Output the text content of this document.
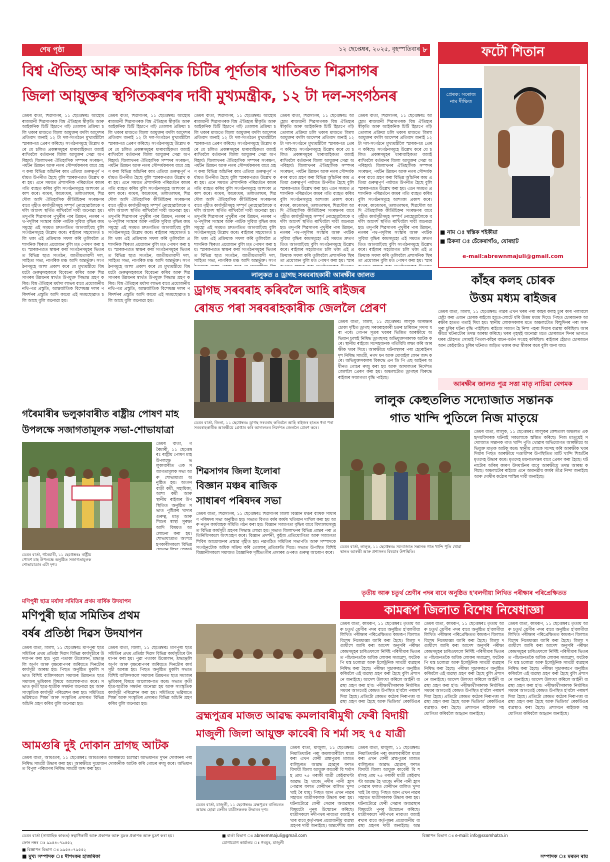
শেষ পৃষ্ঠা	১২ ছেপ্তেম্বৰ, ২০২৫, বৃহস্পতিবাৰ ৮
বিশ্ব ঐতিহ্য আৰু আইকনিক চিটিৰ পূৰ্ণতাৰ খাতিৰত শিৱসাগৰ
জিলা আয়ুক্তৰ স্থগিতকৰণৰ দাবী মুখ্যমন্ত্ৰীক, ১২ টা দল-সংগঠনৰ
ডেমৰ বাৰ্তা, শিৱসাগৰ, ১১ ছেপ্তেম্বৰঃ আহোম ৰাজধানী শিৱসাগৰক বিশ্ব ঐতিহ্যৰ স্বীকৃতি আৰু আইকনিক চিটি হিচাপে গঢ়ি তোলাৰ প্ৰক্ৰিয়া চলি থকাৰ মাজতে জিলা আয়ুক্তৰ বদলি আদেশৰ প্ৰতিবাদ জনাই ১২ টা দল-সংগঠনে মুখ্যমন্ত্ৰীলৈ স্মাৰকপত্ৰ প্ৰেৰণ কৰিছে। সংগঠনসমূহে উল্লেখ কৰে যে চলিত প্ৰকল্পসমূহৰ ধাৰাবাহিকতা বজাই ৰাখিবলৈ বৰ্তমানৰ জিলা আয়ুক্তৰ সেৱা অপৰিহাৰ্য। জিলাখনৰ ঐতিহাসিক সম্পদৰ সংৰক্ষণ, পৰ্যটন উন্নয়ন আৰু নগৰ সৌন্দৰ্যকৰণৰ বাবে গ্ৰহণ কৰা বিভিন্ন আঁচনিৰ কাম এতিয়া গুৰুত্বপূৰ্ণ পৰ্যায়ত উপনীত হৈছে বুলি স্মাৰকপত্ৰত উল্লেখ কৰা হয়। এনে সময়ত প্ৰশাসনিক পৰিৱৰ্তনে কামৰ গতি ব্যাহত কৰিব বুলি সংগঠনসমূহে আশংকা প্ৰকাশ কৰে। ৰংঘৰ, কাৰেংঘৰ, তলাতলঘৰ, শিৱদৌল আদি ঐতিহাসিক কীৰ্তিচিহ্নৰ সংৰক্ষণৰ বাবে গৃহীত কাৰ্যসূচীসমূহ সম্পূৰ্ণ নোহোৱালৈকে বদলি আদেশ স্থগিত ৰাখিবলৈ দাবী জনোৱা হয়। তদুপৰি শিৱসাগৰ পুখুৰীৰ পাৰ উন্নয়ন, নগৰৰ পথ-পদূলিৰ সংস্কাৰ আৰু পৰ্যটক সুবিধা বৃদ্ধিৰ কামসমূহো এই সময়ত দ্ৰুতগতিত আগবাঢ়িছে বুলি সংগঠনসমূহে উল্লেখ কৰে। ৰাইজৰ সহযোগত চলি থকা এই প্ৰক্ৰিয়াক সফল কৰি তুলিবলৈ প্ৰশাসনিক স্থিৰতা প্ৰয়োজন বুলি মত পোষণ কৰা হয়। স্মাৰকপত্ৰত স্বাক্ষৰ কৰা সংগঠনসমূহৰ ভিতৰত বিভিন্ন ছাত্ৰ সংগঠন, জাতীয়তাবাদী দল, সাহিত্য সভা, নাগৰিক মঞ্চ আদি অন্তৰ্ভুক্ত। সংগঠনসমূহে আশা প্ৰকাশ কৰে যে মুখ্যমন্ত্ৰীয়ে বিষয়টো গুৰুত্বসহকাৰে বিবেচনা কৰিব আৰু শিৱসাগৰৰ উন্নয়নৰ স্বাৰ্থত উপযুক্ত সিদ্ধান্ত গ্ৰহণ কৰিব। বিশ্ব ঐতিহ্যৰ মৰ্যাদা লাভৰ বাবে প্ৰয়োজনীয় নথি-পত্ৰ প্ৰস্তুতি, আন্তৰ্জাতিক বিশেষজ্ঞ দলৰ পৰিদৰ্শনৰ প্ৰস্তুতি আদি কামো এই সময়ছোৱাত চলি আছে বুলি জনোৱা হয়।
ডেমৰ বাৰ্তা, শিৱসাগৰ, ১১ ছেপ্তেম্বৰঃ আহোম ৰাজধানী শিৱসাগৰক বিশ্ব ঐতিহ্যৰ স্বীকৃতি আৰু আইকনিক চিটি হিচাপে গঢ়ি তোলাৰ প্ৰক্ৰিয়া চলি থকাৰ মাজতে জিলা আয়ুক্তৰ বদলি আদেশৰ প্ৰতিবাদ জনাই ১২ টা দল-সংগঠনে মুখ্যমন্ত্ৰীলৈ স্মাৰকপত্ৰ প্ৰেৰণ কৰিছে। সংগঠনসমূহে উল্লেখ কৰে যে চলিত প্ৰকল্পসমূহৰ ধাৰাবাহিকতা বজাই ৰাখিবলৈ বৰ্তমানৰ জিলা আয়ুক্তৰ সেৱা অপৰিহাৰ্য। জিলাখনৰ ঐতিহাসিক সম্পদৰ সংৰক্ষণ, পৰ্যটন উন্নয়ন আৰু নগৰ সৌন্দৰ্যকৰণৰ বাবে গ্ৰহণ কৰা বিভিন্ন আঁচনিৰ কাম এতিয়া গুৰুত্বপূৰ্ণ পৰ্যায়ত উপনীত হৈছে বুলি স্মাৰকপত্ৰত উল্লেখ কৰা হয়। এনে সময়ত প্ৰশাসনিক পৰিৱৰ্তনে কামৰ গতি ব্যাহত কৰিব বুলি সংগঠনসমূহে আশংকা প্ৰকাশ কৰে। ৰংঘৰ, কাৰেংঘৰ, তলাতলঘৰ, শিৱদৌল আদি ঐতিহাসিক কীৰ্তিচিহ্নৰ সংৰক্ষণৰ বাবে গৃহীত কাৰ্যসূচীসমূহ সম্পূৰ্ণ নোহোৱালৈকে বদলি আদেশ স্থগিত ৰাখিবলৈ দাবী জনোৱা হয়। তদুপৰি শিৱসাগৰ পুখুৰীৰ পাৰ উন্নয়ন, নগৰৰ পথ-পদূলিৰ সংস্কাৰ আৰু পৰ্যটক সুবিধা বৃদ্ধিৰ কামসমূহো এই সময়ত দ্ৰুতগতিত আগবাঢ়িছে বুলি সংগঠনসমূহে উল্লেখ কৰে। ৰাইজৰ সহযোগত চলি থকা এই প্ৰক্ৰিয়াক সফল কৰি তুলিবলৈ প্ৰশাসনিক স্থিৰতা প্ৰয়োজন বুলি মত পোষণ কৰা হয়। স্মাৰকপত্ৰত স্বাক্ষৰ কৰা সংগঠনসমূহৰ ভিতৰত বিভিন্ন ছাত্ৰ সংগঠন, জাতীয়তাবাদী দল, সাহিত্য সভা, নাগৰিক মঞ্চ আদি অন্তৰ্ভুক্ত। সংগঠনসমূহে আশা প্ৰকাশ কৰে যে মুখ্যমন্ত্ৰীয়ে বিষয়টো গুৰুত্বসহকাৰে বিবেচনা কৰিব আৰু শিৱসাগৰৰ উন্নয়নৰ স্বাৰ্থত উপযুক্ত সিদ্ধান্ত গ্ৰহণ কৰিব। বিশ্ব ঐতিহ্যৰ মৰ্যাদা লাভৰ বাবে প্ৰয়োজনীয় নথি-পত্ৰ প্ৰস্তুতি, আন্তৰ্জাতিক বিশেষজ্ঞ দলৰ পৰিদৰ্শনৰ প্ৰস্তুতি আদি কামো এই সময়ছোৱাত চলি আছে বুলি জনোৱা হয়।
ডেমৰ বাৰ্তা, শিৱসাগৰ, ১১ ছেপ্তেম্বৰঃ আহোম ৰাজধানী শিৱসাগৰক বিশ্ব ঐতিহ্যৰ স্বীকৃতি আৰু আইকনিক চিটি হিচাপে গঢ়ি তোলাৰ প্ৰক্ৰিয়া চলি থকাৰ মাজতে জিলা আয়ুক্তৰ বদলি আদেশৰ প্ৰতিবাদ জনাই ১২ টা দল-সংগঠনে মুখ্যমন্ত্ৰীলৈ স্মাৰকপত্ৰ প্ৰেৰণ কৰিছে। সংগঠনসমূহে উল্লেখ কৰে যে চলিত প্ৰকল্পসমূহৰ ধাৰাবাহিকতা বজাই ৰাখিবলৈ বৰ্তমানৰ জিলা আয়ুক্তৰ সেৱা অপৰিহাৰ্য। জিলাখনৰ ঐতিহাসিক সম্পদৰ সংৰক্ষণ, পৰ্যটন উন্নয়ন আৰু নগৰ সৌন্দৰ্যকৰণৰ বাবে গ্ৰহণ কৰা বিভিন্ন আঁচনিৰ কাম এতিয়া গুৰুত্বপূৰ্ণ পৰ্যায়ত উপনীত হৈছে বুলি স্মাৰকপত্ৰত উল্লেখ কৰা হয়। এনে সময়ত প্ৰশাসনিক পৰিৱৰ্তনে কামৰ গতি ব্যাহত কৰিব বুলি সংগঠনসমূহে আশংকা প্ৰকাশ কৰে। ৰংঘৰ, কাৰেংঘৰ, তলাতলঘৰ, শিৱদৌল আদি ঐতিহাসিক কীৰ্তিচিহ্নৰ সংৰক্ষণৰ বাবে গৃহীত কাৰ্যসূচীসমূহ সম্পূৰ্ণ নোহোৱালৈকে বদলি আদেশ স্থগিত ৰাখিবলৈ দাবী জনোৱা হয়। তদুপৰি শিৱসাগৰ পুখুৰীৰ পাৰ উন্নয়ন, নগৰৰ পথ-পদূলিৰ সংস্কাৰ আৰু পৰ্যটক সুবিধা বৃদ্ধিৰ কামসমূহো এই সময়ত দ্ৰুতগতিত আগবাঢ়িছে বুলি সংগঠনসমূহে উল্লেখ কৰে। ৰাইজৰ সহযোগত চলি থকা এই প্ৰক্ৰিয়াক সফল কৰি তুলিবলৈ প্ৰশাসনিক স্থিৰতা প্ৰয়োজন বুলি মত পোষণ কৰা হয়। স্মাৰকপত্ৰত স্বাক্ষৰ কৰা সংগঠনসমূহৰ ভিতৰত বিভিন্ন ছাত্ৰ সংগঠন, জাতীয়তাবাদী দল, সাহিত্য সভা, নাগৰিক মঞ্চ আদি অন্তৰ্ভুক্ত। সংগ
ডেমৰ বাৰ্তা, শিৱসাগৰ, ১১ ছেপ্তেম্বৰঃ আহোম ৰাজধানী শিৱসাগৰক বিশ্ব ঐতিহ্যৰ স্বীকৃতি আৰু আইকনিক চিটি হিচাপে গঢ়ি তোলাৰ প্ৰক্ৰিয়া চলি থকাৰ মাজতে জিলা আয়ুক্তৰ বদলি আদেশৰ প্ৰতিবাদ জনাই ১২ টা দল-সংগঠনে মুখ্যমন্ত্ৰীলৈ স্মাৰকপত্ৰ প্ৰেৰণ কৰিছে। সংগঠনসমূহে উল্লেখ কৰে যে চলিত প্ৰকল্পসমূহৰ ধাৰাবাহিকতা বজাই ৰাখিবলৈ বৰ্তমানৰ জিলা আয়ুক্তৰ সেৱা অপৰিহাৰ্য। জিলাখনৰ ঐতিহাসিক সম্পদৰ সংৰক্ষণ, পৰ্যটন উন্নয়ন আৰু নগৰ সৌন্দৰ্যকৰণৰ বাবে গ্ৰহণ কৰা বিভিন্ন আঁচনিৰ কাম এতিয়া গুৰুত্বপূৰ্ণ পৰ্যায়ত উপনীত হৈছে বুলি স্মাৰকপত্ৰত উল্লেখ কৰা হয়। এনে সময়ত প্ৰশাসনিক পৰিৱৰ্তনে কামৰ গতি ব্যাহত কৰিব বুলি সংগঠনসমূহে আশংকা প্ৰকাশ কৰে। ৰংঘৰ, কাৰেংঘৰ, তলাতলঘৰ, শিৱদৌল আদি ঐতিহাসিক কীৰ্তিচিহ্নৰ সংৰক্ষণৰ বাবে গৃহীত কাৰ্যসূচীসমূহ সম্পূৰ্ণ নোহোৱালৈকে বদলি আদেশ স্থগিত ৰাখিবলৈ দাবী জনোৱা হয়। তদুপৰি শিৱসাগৰ পুখুৰীৰ পাৰ উন্নয়ন, নগৰৰ পথ-পদূলিৰ সংস্কাৰ আৰু পৰ্যটক সুবিধা বৃদ্ধিৰ কামসমূহো এই সময়ত দ্ৰুতগতিত আগবাঢ়িছে বুলি সংগঠনসমূহে উল্লেখ কৰে। ৰাইজৰ সহযোগত চলি থকা এই প্ৰক্ৰিয়াক সফল কৰি তুলিবলৈ প্ৰশাসনিক স্থিৰতা প্ৰয়োজন বুলি মত পোষণ কৰা হয়। স্মাৰ
ডেমৰ বাৰ্তা, শিৱসাগৰ, ১১ ছেপ্তেম্বৰঃ আহোম ৰাজধানী শিৱসাগৰক বিশ্ব ঐতিহ্যৰ স্বীকৃতি আৰু আইকনিক চিটি হিচাপে গঢ়ি তোলাৰ প্ৰক্ৰিয়া চলি থকাৰ মাজতে জিলা আয়ুক্তৰ বদলি আদেশৰ প্ৰতিবাদ জনাই ১২ টা দল-সংগঠনে মুখ্যমন্ত্ৰীলৈ স্মাৰকপত্ৰ প্ৰেৰণ কৰিছে। সংগঠনসমূহে উল্লেখ কৰে যে চলিত প্ৰকল্পসমূহৰ ধাৰাবাহিকতা বজাই ৰাখিবলৈ বৰ্তমানৰ জিলা আয়ুক্তৰ সেৱা অপৰিহাৰ্য। জিলাখনৰ ঐতিহাসিক সম্পদৰ সংৰক্ষণ, পৰ্যটন উন্নয়ন আৰু নগৰ সৌন্দৰ্যকৰণৰ বাবে গ্ৰহণ কৰা বিভিন্ন আঁচনিৰ কাম এতিয়া গুৰুত্বপূৰ্ণ পৰ্যায়ত উপনীত হৈছে বুলি স্মাৰকপত্ৰত উল্লেখ কৰা হয়। এনে সময়ত প্ৰশাসনিক পৰিৱৰ্তনে কামৰ গতি ব্যাহত কৰিব বুলি সংগঠনসমূহে আশংকা প্ৰকাশ কৰে। ৰংঘৰ, কাৰেংঘৰ, তলাতলঘৰ, শিৱদৌল আদি ঐতিহাসিক কীৰ্তিচিহ্নৰ সংৰক্ষণৰ বাবে গৃহীত কাৰ্যসূচীসমূহ সম্পূৰ্ণ নোহোৱালৈকে বদলি আদেশ স্থগিত ৰাখিবলৈ দাবী জনোৱা হয়। তদুপৰি শিৱসাগৰ পুখুৰীৰ পাৰ উন্নয়ন, নগৰৰ পথ-পদূলিৰ সংস্কাৰ আৰু পৰ্যটক সুবিধা বৃদ্ধিৰ কামসমূহো এই সময়ত দ্ৰুতগতিত আগবাঢ়িছে বুলি সংগঠনসমূহে উল্লেখ কৰে। ৰাইজৰ সহযোগত চলি থকা এই প্ৰক্ৰিয়াক সফল কৰি তুলিবলৈ প্ৰশাসনিক স্থিৰতা প্ৰয়োজন বুলি মত পোষণ কৰা হয়। স্মাৰ
ফটো শিতান
প্ৰেৰক: সৰোজ
নাম দীক্ষিত
■ নাম ঃ স্বস্তিক শইকীয়া
■ ঠিকনা ঃ চেঁকেৰাগাঁও, যোৰহাট
e-mail:abrewnmajuli@gmail.com
কাঁহৰ কলহ চোৰক
উত্তম মধ্যম ৰাইজৰ
ডেমৰ বাৰ্তা, জিলা, ১১ ছেপ্তেম্বৰঃ গাঁৱৰ এখন ঘৰৰ পৰা কাঁহৰ কলহ চুৰি কৰি পলাবলৈ চেষ্টা কৰা এজন চোৰক ৰাইজে হাতে-লোটে ধৰি উত্তম মধ্যম দিয়ে। পিছত চোৰজনক আৰক্ষীৰ হাতত গতাই দিয়া হয়। স্থানীয় লোকসকলৰ মতে অঞ্চলটোত কিছুদিনৰ পৰা সৰু-সুৰা চুৰিৰ ঘটনা বৃদ্ধি পাইছিল। ৰাইজে সজাগ হৈ নিশা পহৰা দিয়াৰ ব্যৱস্থা কৰিছিল। আৰক্ষীয়ে ঘটনাটোৰ তদন্ত আৰম্ভ কৰিছে। ঘৰৰ গৃহস্থই জনোৱা মতে চোৰজনে দিনৰ ভাগতে ঘৰৰ চৌহদত সোমাই পিতল-কাঁহৰ বাচন-বৰ্তন সংগ্ৰহ কৰিছিল। ৰাইজৰ হেঁচাত চোৰজনে আন কেইবাটাও চুৰিৰ ঘটনাত জড়িত থকাৰ কথা স্বীকাৰ কৰে বুলি জনা যায়।
লালুকত ৪ ড্ৰাগছ সৰবৰাহকাৰী আৰক্ষীৰ জালত
ড্ৰাগছ সৰবৰাহ কৰিবলৈ আহি ৰাইজৰ
ৰোষত পৰা সৰবৰাহকাৰীক জেললৈ প্ৰেৰণ
ডেমৰ বাৰ্তা, জিলা, ১১ ছেপ্তেম্বৰঃ লালুক আৰক্ষীৰ চোকা দৃষ্টিত ড্ৰাগছ সৰবৰাহকাৰী চক্ৰৰ চাৰিজন সদস্য ধৰা পৰে। গোপন সূত্ৰৰ খবৰৰ ভিত্তিত আৰক্ষীয়ে অভিযান চলাই নিষিদ্ধ ড্ৰাগছসহ অভিযুক্তসকলক আটক কৰে। স্থানীয় ৰাইজে সন্দেহজনক গতিবিধি লক্ষ্য কৰি আৰক্ষীক খবৰ দিয়ে। আৰক্ষীয়ে ঘটনাস্থলৰ পৰা হেৰোইনসদৃশ নিষিদ্ধ সামগ্ৰী, নগদ ধন আৰু মোবাইল ফোন জব্দ কৰে। অভিযুক্তসকলৰ বিৰুদ্ধে এন ডি পি এছ আইনৰ অধীনত গোচৰ ৰুজু কৰা হয় আৰু আদালতৰ নিৰ্দেশত জেললৈ প্ৰেৰণ কৰা হয়। অঞ্চলটোত ড্ৰাগছৰ বিৰুদ্ধে ৰাইজৰ সজাগতা বৃদ্ধি পাইছে।
ডেমৰ বাৰ্তা, জিলা, ১১ ছেপ্তেম্বৰঃ ড্ৰাগছ সৰবৰাহ কৰিবলৈ আহি ৰাইজৰ হাতত ধৰা পৰা সৰবৰাহকাৰীক আৰক্ষীয়ে গ্ৰেপ্তাৰ কৰি আদালতৰ নিৰ্দেশত জেললৈ প্ৰেৰণ কৰে।
আৰক্ষীৰ জালত পুত্ৰ সত্তা মাতৃ নাচিয়া বেগমক
লালুক কেহুতলিত সদ্যোজাত সন্তানক
গাত খান্দি পুতিলে নিজ মাতৃয়ে
ডেমৰ বাৰ্তা, লালুক, ১১ ছেপ্তেম্বৰঃ লালুকৰ কেহুতলি অঞ্চলত এক হৃদয়বিদাৰক ঘটনাই সকলোকে স্তম্ভিত কৰিছে। নিজ মাতৃয়েই সদ্যোজাত সন্তানক গাত খান্দি পুতি থোৱাৰ অভিযোগত আৰক্ষীয়ে অভিযুক্ত মাতৃক আটক কৰে। স্থানীয় লোকে সন্দেহ কৰি আৰক্ষীক খবৰ দিয়াৰ পিছত আৰক্ষীয়ে দণ্ডাধীশৰ উপস্থিতিত মাটি খান্দি শিশুটিৰ মৃতদেহ উদ্ধাৰ কৰে। মৃতদেহ ময়নাতদন্তৰ বাবে প্ৰেৰণ কৰা হৈছে। ঘটনাটোৰ আঁৰৰ কাৰণ উদঘাটনৰ বাবে আৰক্ষীয়ে তদন্ত আৰম্ভ কৰিছে। অঞ্চলটোৰ ৰাইজে এনে অমানৱীয় কাৰ্যৰ তীব্ৰ নিন্দা জনাইছে আৰু দোষীৰ কঠোৰ শাস্তিৰ দাবী জনাইছে।
ডেমৰ বাৰ্তা, লালুক, ১১ ছেপ্তেম্বৰঃ সদ্যোজাত সন্তানক গাত খান্দি পুতি থোৱা স্থানত আৰক্ষী আৰু প্ৰশাসনৰ বিষয়াৰ উপস্থিতি।
গৰৈমাৰীৰ ভলুকাবাৰীত ৰাষ্ট্ৰীয় পোষণ মাহ
উপলক্ষে সজাগতামূলক সভা-শোভাযাত্ৰা
ডেমৰ বাৰ্তা, গৰৈমাৰী, ১১ ছেপ্তেম্বৰঃ ৰাষ্ট্ৰীয় পোষণ মাহ উপলক্ষে ভলুকাবাৰীত এক সজাগতামূলক সভা আৰু শোভাযাত্ৰা অনুষ্ঠিত হয়। অংগনবাড়ী কৰ্মী, সহায়িকা, আশা কৰ্মী আৰু স্থানীয় ৰাইজৰ উপস্থিতিত অনুষ্ঠিত সভাত পুষ্টিকৰ খাদ্যৰ গুৰুত্ব, মাতৃ আৰু শিশুৰ স্বাস্থ্য সুৰক্ষা আদি বিষয়ত আলোচনা কৰা হয়। শোভাযাত্ৰাত অংশগ্ৰহণকাৰীসকলে বিভিন্ন
ডেমৰ বাৰ্তা, গৰৈমাৰী, ১১ ছেপ্তেম্বৰঃ ৰাষ্ট্ৰীয় পোষণ মাহ উপলক্ষে অনুষ্ঠিত সজাগতামূলক শোভাযাত্ৰাৰ এটা দৃশ্য।
মণিপুৰী ছাত্ৰ মৰ্যাদা সমিতিৰ প্ৰথম বাৰ্ষিক উদযাপন
মণিপুৰী ছাত্ৰ সমিতিৰ প্ৰথম
বৰ্ষৰ প্ৰতিষ্ঠা দিৱস উদযাপন
ডেমৰ বাৰ্তা, জিলা, ১১ ছেপ্তেম্বৰঃ মণিপুৰী ছাত্ৰ সমিতিৰ প্ৰথম প্ৰতিষ্ঠা দিৱস বিভিন্ন কাৰ্যসূচীৰে উদযাপন কৰা হয়। পুৱা পতাকা উত্তোলন, শ্ৰদ্ধাঞ্জলি অৰ্পণ আৰু বৃক্ষৰোপণৰ জৰিয়তে দিনটোৰ কাৰ্যসূচী আৰম্ভ হয়। পিছত অনুষ্ঠিত মুকলি সভাত বিশিষ্ট ব্যক্তিসকলে সমাজৰ উন্নয়নত ছাত্ৰ সমাজৰ ভূমিকাৰ বিষয়ে আলোকপাত কৰে। সভাত কৃতী ছাত্ৰ-ছাত্ৰীক সম্বৰ্ধনা জনোৱা হয় আৰু সাংস্কৃতিক কাৰ্যসূচী পৰিৱেশন কৰা হয়। সমিতিয়ে ভৱিষ্যতে শিক্ষা আৰু সংস্কৃতিৰ প্ৰসাৰত বিভিন্ন আঁচনি গ্ৰহণ কৰিব বুলি জনোৱা হয়।
ডেমৰ বাৰ্তা, জিলা, ১১ ছেপ্তেম্বৰঃ মণিপুৰী ছাত্ৰ সমিতিৰ প্ৰথম প্ৰতিষ্ঠা দিৱস বিভিন্ন কাৰ্যসূচীৰে উদযাপন কৰা হয়। পুৱা পতাকা উত্তোলন, শ্ৰদ্ধাঞ্জলি অৰ্পণ আৰু বৃক্ষৰোপণৰ জৰিয়তে দিনটোৰ কাৰ্যসূচী আৰম্ভ হয়। পিছত অনুষ্ঠিত মুকলি সভাত বিশিষ্ট ব্যক্তিসকলে সমাজৰ উন্নয়নত ছাত্ৰ সমাজৰ ভূমিকাৰ বিষয়ে আলোকপাত কৰে। সভাত কৃতী ছাত্ৰ-ছাত্ৰীক সম্বৰ্ধনা জনোৱা হয় আৰু সাংস্কৃতিক কাৰ্যসূচী পৰিৱেশন কৰা হয়। সমিতিয়ে ভৱিষ্যতে শিক্ষা আৰু সংস্কৃতিৰ প্ৰসাৰত বিভিন্ন আঁচনি গ্ৰহণ কৰিব বুলি জনোৱা হয়।
আমগুৰি দুই দোকান দ্ৰাগছ আটক
ডেমৰ বাৰ্তা, আমগুৰি, ১১ ছেপ্তেম্বৰঃ আমগুৰিত আৰক্ষীয়ে চলোৱা অভিযানত দুখন দোকানৰ পৰা নিষিদ্ধ সামগ্ৰী উদ্ধাৰ কৰা হয়। আৰক্ষীয়ে দুয়োজন দোকানীক আটক কৰি গোচৰ ৰুজু কৰে। অভিযানত বিপুল পৰিমাণৰ নিষিদ্ধ সামগ্ৰী জব্দ কৰা হয়।
শিৱসাগৰ জিলা ইলোৰা
বিজ্ঞান মঞ্চৰ ৰাজিক
সাধাৰণ পৰিষদৰ সভা
ডেমৰ বাৰ্তা, শিৱসাগৰ, ১১ ছেপ্তেম্বৰঃ শিৱসাগৰ জিলা বিজ্ঞান মঞ্চৰ বাৰ্ষিক সাধাৰণ পৰিষদৰ সভা অনুষ্ঠিত হয়। সভাত বিগত বৰ্ষৰ কাৰ্যৰ খতিয়ান দাখিল কৰা হয় আৰু নতুন কাৰ্যবাহক সমিতি গঠন কৰা হয়। বিজ্ঞান সজাগতা বৃদ্ধিৰ বাবে বিদ্যালয়সমূহত বিভিন্ন কাৰ্যসূচী গ্ৰহণৰ সিদ্ধান্ত লোৱা হয়। সভাত জিলাখনৰ বিভিন্ন প্ৰান্তৰ পৰা প্ৰতিনিধিসকলে অংশগ্ৰহণ কৰে। বিজ্ঞান প্ৰদৰ্শনী, কুইজ প্ৰতিযোগিতা আৰু সজাগতা শিবিৰ আয়োজনৰ প্ৰস্তাৱ গৃহীত হয়। নৱগঠিত সমিতিৰ সভাপতি আৰু সম্পাদকে সংগঠনটোক অধিক সক্ৰিয় কৰি তোলাৰ প্ৰতিশ্ৰুতি দিয়ে। সভাত উপস্থিত বিশিষ্ট বিজ্ঞানীসকলে সমাজত বৈজ্ঞানিক দৃষ্টিভংগীৰ প্ৰসাৰৰ ওপৰত গুৰুত্ব আৰোপ কৰে।
তৃতীয় আৰু চতুৰ্থ শ্ৰেণীৰ পদৰ বাবে অনুষ্ঠিত হ'বলগীয়া লিখিত পৰীক্ষাৰ পৰিপ্ৰেক্ষিতত
কামৰূপ জিলাত বিশেষ নিষেধাজ্ঞা
ডেমৰ বাৰ্তা, কামৰূপ, ১১ ছেপ্তেম্বৰঃ তৃতীয় আৰু চতুৰ্থ শ্ৰেণীৰ পদৰ বাবে অনুষ্ঠিত হ'বলগীয়া লিখিত পৰীক্ষাৰ পৰিপ্ৰেক্ষিতত কামৰূপ জিলাত বিশেষ নিষেধাজ্ঞা জাৰি কৰা হৈছে। জিলা দণ্ডাধীশে জাৰি কৰা আদেশ অনুসৰি পৰীক্ষা কেন্দ্ৰসমূহৰ চাৰিওফালে নিৰ্দিষ্ট পৰিসীমাৰ ভিতৰত পাঁচজনতকৈ অধিক লোকৰ সমাৱেশ, ফটোকপি যন্ত্ৰ চলোৱা আৰু ইলেক্ট্ৰনিক সামগ্ৰী ব্যৱহাৰ নিষিদ্ধ কৰা হৈছে। পৰীক্ষা সুচাৰুৰূপে অনুষ্ঠিত কৰিবলৈ এই ব্যৱস্থা গ্ৰহণ কৰা হৈছে বুলি প্ৰশাসনে জনাইছে। আদেশ উলংঘা কৰিলে আইনী ব্যৱস্থা গ্ৰহণ কৰা হ'ব। পৰীক্ষাৰ্থীসকলক নিৰ্ধাৰিত সময়ৰ আগতেই কেন্দ্ৰত উপস্থিত হ'বলৈ পৰামৰ্শ দিয়া হৈছে। প্ৰতিটো কেন্দ্ৰত কঠোৰ নিৰাপত্তা ব্যৱস্থা গ্ৰহণ কৰা হৈছে আৰু ভিডিঅ' ৰেকৰ্ডিঙৰ
ডেমৰ বাৰ্তা, কামৰূপ, ১১ ছেপ্তেম্বৰঃ তৃতীয় আৰু চতুৰ্থ শ্ৰেণীৰ পদৰ বাবে অনুষ্ঠিত হ'বলগীয়া লিখিত পৰীক্ষাৰ পৰিপ্ৰেক্ষিতত কামৰূপ জিলাত বিশেষ নিষেধাজ্ঞা জাৰি কৰা হৈছে। জিলা দণ্ডাধীশে জাৰি কৰা আদেশ অনুসৰি পৰীক্ষা কেন্দ্ৰসমূহৰ চাৰিওফালে নিৰ্দিষ্ট পৰিসীমাৰ ভিতৰত পাঁচজনতকৈ অধিক লোকৰ সমাৱেশ, ফটোকপি যন্ত্ৰ চলোৱা আৰু ইলেক্ট্ৰনিক সামগ্ৰী ব্যৱহাৰ নিষিদ্ধ কৰা হৈছে। পৰীক্ষা সুচাৰুৰূপে অনুষ্ঠিত কৰিবলৈ এই ব্যৱস্থা গ্ৰহণ কৰা হৈছে বুলি প্ৰশাসনে জনাইছে। আদেশ উলংঘা কৰিলে আইনী ব্যৱস্থা গ্ৰহণ কৰা হ'ব। পৰীক্ষাৰ্থীসকলক নিৰ্ধাৰিত সময়ৰ আগতেই কেন্দ্ৰত উপস্থিত হ'বলৈ পৰামৰ্শ দিয়া হৈছে। প্ৰতিটো কেন্দ্ৰত কঠোৰ নিৰাপত্তা ব্যৱস্থা গ্ৰহণ কৰা হৈছে আৰু ভিডিঅ' ৰেকৰ্ডিঙৰ ব্যৱস্থাও কৰা হৈছে। প্ৰশাসনে ৰাইজক সহযোগিতা কৰিবলৈ আহ্বান জনাইছে।
ডেমৰ বাৰ্তা, কামৰূপ, ১১ ছেপ্তেম্বৰঃ তৃতীয় আৰু চতুৰ্থ শ্ৰেণীৰ পদৰ বাবে অনুষ্ঠিত হ'বলগীয়া লিখিত পৰীক্ষাৰ পৰিপ্ৰেক্ষিতত কামৰূপ জিলাত বিশেষ নিষেধাজ্ঞা জাৰি কৰা হৈছে। জিলা দণ্ডাধীশে জাৰি কৰা আদেশ অনুসৰি পৰীক্ষা কেন্দ্ৰসমূহৰ চাৰিওফালে নিৰ্দিষ্ট পৰিসীমাৰ ভিতৰত পাঁচজনতকৈ অধিক লোকৰ সমাৱেশ, ফটোকপি যন্ত্ৰ চলোৱা আৰু ইলেক্ট্ৰনিক সামগ্ৰী ব্যৱহাৰ নিষিদ্ধ কৰা হৈছে। পৰীক্ষা সুচাৰুৰূপে অনুষ্ঠিত কৰিবলৈ এই ব্যৱস্থা গ্ৰহণ কৰা হৈছে বুলি প্ৰশাসনে জনাইছে। আদেশ উলংঘা কৰিলে আইনী ব্যৱস্থা গ্ৰহণ কৰা হ'ব। পৰীক্ষাৰ্থীসকলক নিৰ্ধাৰিত সময়ৰ আগতেই কেন্দ্ৰত উপস্থিত হ'বলৈ পৰামৰ্শ দিয়া হৈছে। প্ৰতিটো কেন্দ্ৰত কঠোৰ নিৰাপত্তা ব্যৱস্থা গ্ৰহণ কৰা হৈছে আৰু ভিডিঅ' ৰেকৰ্ডিঙৰ ব্যৱস্থাও কৰা হৈছে। প্ৰশাসনে ৰাইজক সহযোগিতা কৰিবলৈ আহ্বান জনাইছে।
ব্ৰহ্মপুত্ৰৰ মাজত আৱদ্ধ কমলাবাৰীমুখী ফেৰী বিদায়ী
মাজুলী জিলা আয়ুক্ত কাবেৰী বি শৰ্মা সহ ৭৫ যাত্ৰী
ডেমৰ বাৰ্তা, মাজুলী, ১১ ছেপ্তেম্বৰঃ ব্ৰহ্মপুত্ৰৰ বালিচৰত আৱদ্ধ হোৱা ফেৰীৰ যাত্ৰীসকলক উদ্ধাৰৰ দৃশ্য।
ডেমৰ বাৰ্তা, মাজুলী, ১১ ছেপ্তেম্বৰঃ নিমাতিঘাটৰ পৰা কমলাবাৰীলৈ যাত্ৰা কৰা এখন ফেৰী ব্ৰহ্মপুত্ৰৰ মাজত বালিচৰত আৱদ্ধ হোৱাৰ ফলত বিদায়ী জিলা আয়ুক্ত কাবেৰী বি শৰ্মাসহ প্ৰায় ৭৫ গৰাকী যাত্ৰী কেইবাঘণ্টা আৱদ্ধ হৈ থাকে। নদীৰ পানী হ্ৰাস পোৱাৰ ফলত ফেৰীখন বালিত খুন্দা খাই ৰৈ যায়। পিছত আন এখন নাৱৰ সহায়ত যাত্ৰীসকলক উদ্ধাৰ কৰা হয়। ঘটনাটোৱে ফেৰী সেৱাৰ অব্যৱস্থাৰ বিষয়টো পুনৰ উন্মোচন কৰিছে। যাত্ৰীসকলে নদীপথৰ নাব্যতা বজাই ৰখাৰ বাবে কৰ্তৃপক্ষৰ প্ৰয়োজনীয় ব্যৱস্থা গ্ৰহণৰ দাবী জনাইছে। অন্তৰ্দেশীয় জল
ডেমৰ বাৰ্তা, মাজুলী, ১১ ছেপ্তেম্বৰঃ নিমাতিঘাটৰ পৰা কমলাবাৰীলৈ যাত্ৰা কৰা এখন ফেৰী ব্ৰহ্মপুত্ৰৰ মাজত বালিচৰত আৱদ্ধ হোৱাৰ ফলত বিদায়ী জিলা আয়ুক্ত কাবেৰী বি শৰ্মাসহ প্ৰায় ৭৫ গৰাকী যাত্ৰী কেইবাঘণ্টা আৱদ্ধ হৈ থাকে। নদীৰ পানী হ্ৰাস পোৱাৰ ফলত ফেৰীখন বালিত খুন্দা খাই ৰৈ যায়। পিছত আন এখন নাৱৰ সহায়ত যাত্ৰীসকলক উদ্ধাৰ কৰা হয়। ঘটনাটোৱে ফেৰী সেৱাৰ অব্যৱস্থাৰ বিষয়টো পুনৰ উন্মোচন কৰিছে। যাত্ৰীসকলে নদীপথৰ নাব্যতা বজাই ৰখাৰ বাবে কৰ্তৃপক্ষৰ প্ৰয়োজনীয় ব্যৱস্থা গ্ৰহণৰ দাবী জনাইছে। অন্ত
ডেমৰ বাৰ্তা (সাপ্তাহিক কাকত) স্বত্বাধিকাৰী আৰু প্ৰকাশক আৰু মুদ্ৰক প্ৰকাশক আৰু মুদ্ৰণ কৰা হয়।
ফোন নম্বৰ ঃ ৯৯৫৪০৭৯৫৫২
■ বিজ্ঞাপন বিভাগ ঃ ৯৯৫৪০৭৯৫৫২
■ বাৰ্তা বিভাগ ঃ abreemmajuli@gmail.com
যোগাযোগ কাৰ্যালয় ঃ গৰমুৰ, মাজুলী
বিজ্ঞাপন বিভাগ ঃ e-mail: info@ssomhatra.in
■ মুখ্য সম্পাদক ঃ দীপংকৰ হাজৰিকা	সম্পাদক ঃ মৰমন ৰায়
